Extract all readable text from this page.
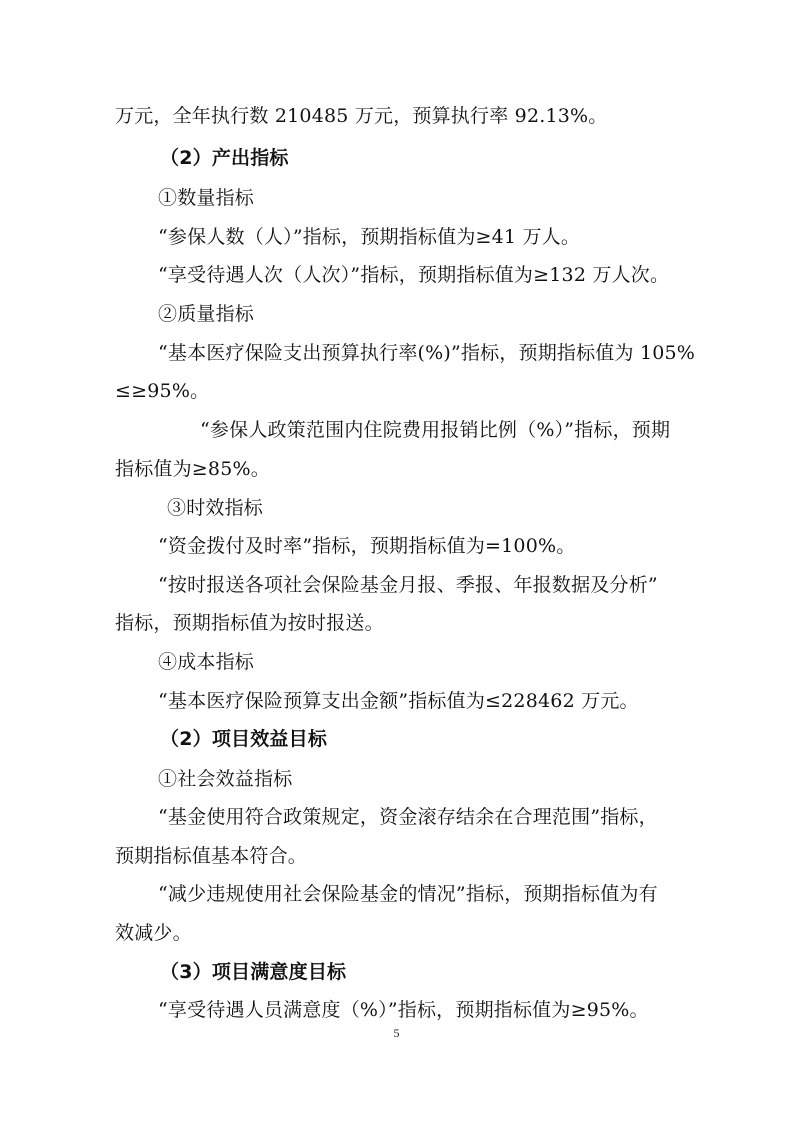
万元，全年执行数 210485 万元，预算执行率 92.13%。
（2）产出指标
①数量指标
“参保人数（人）”指标，预期指标值为≥41 万人。
“享受待遇人次（人次）”指标，预期指标值为≥132 万人次。
②质量指标
“基本医疗保险支出预算执行率(%)”指标，预期指标值为 105%
≤≥95%。
“参保人政策范围内住院费用报销比例（%）”指标，预期
指标值为≥85%。
③时效指标
“资金拨付及时率”指标，预期指标值为=100%。
“按时报送各项社会保险基金月报、季报、年报数据及分析”
指标，预期指标值为按时报送。
④成本指标
“基本医疗保险预算支出金额”指标值为≤228462 万元。
（2）项目效益目标
①社会效益指标
“基金使用符合政策规定，资金滚存结余在合理范围”指标，
预期指标值基本符合。
“减少违规使用社会保险基金的情况”指标，预期指标值为有
效减少。
（3）项目满意度目标
“享受待遇人员满意度（%）”指标，预期指标值为≥95%。
5
